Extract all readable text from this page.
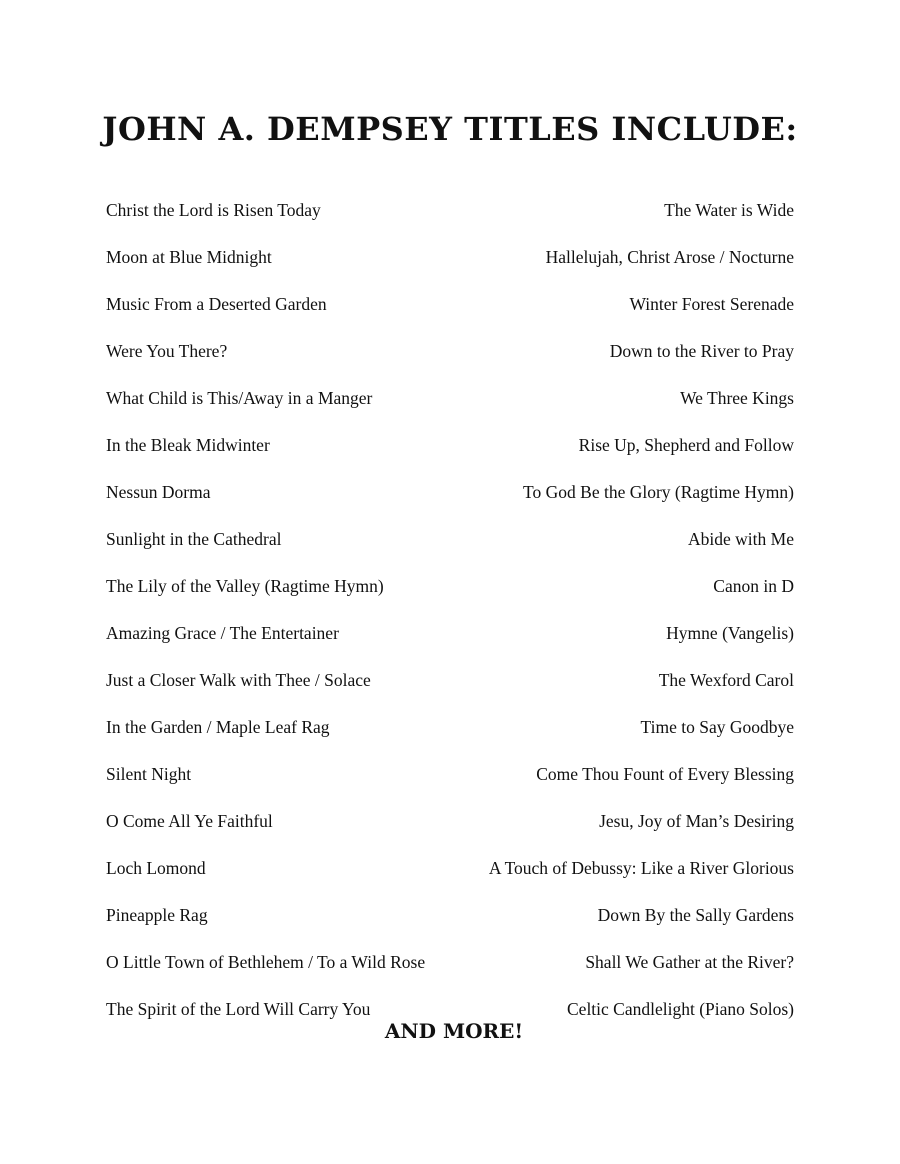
JOHN A. DEMPSEY TITLES INCLUDE:
Christ the Lord is Risen Today	The Water is Wide
Moon at Blue Midnight	Hallelujah, Christ Arose / Nocturne
Music From a Deserted Garden	Winter Forest Serenade
Were You There?	Down to the River to Pray
What Child is This/Away in a Manger	We Three Kings
In the Bleak Midwinter	Rise Up, Shepherd and Follow
Nessun Dorma	To God Be the Glory (Ragtime Hymn)
Sunlight in the Cathedral	Abide with Me
The Lily of the Valley (Ragtime Hymn)	Canon in D
Amazing Grace / The Entertainer	Hymne (Vangelis)
Just a Closer Walk with Thee / Solace	The Wexford Carol
In the Garden / Maple Leaf Rag	Time to Say Goodbye
Silent Night	Come Thou Fount of Every Blessing
O Come All Ye Faithful	Jesu, Joy of Man’s Desiring
Loch Lomond	A Touch of Debussy: Like a River Glorious
Pineapple Rag	Down By the Sally Gardens
O Little Town of Bethlehem / To a Wild Rose	Shall We Gather at the River?
The Spirit of the Lord Will Carry You	Celtic Candlelight (Piano Solos)

AND MORE!
